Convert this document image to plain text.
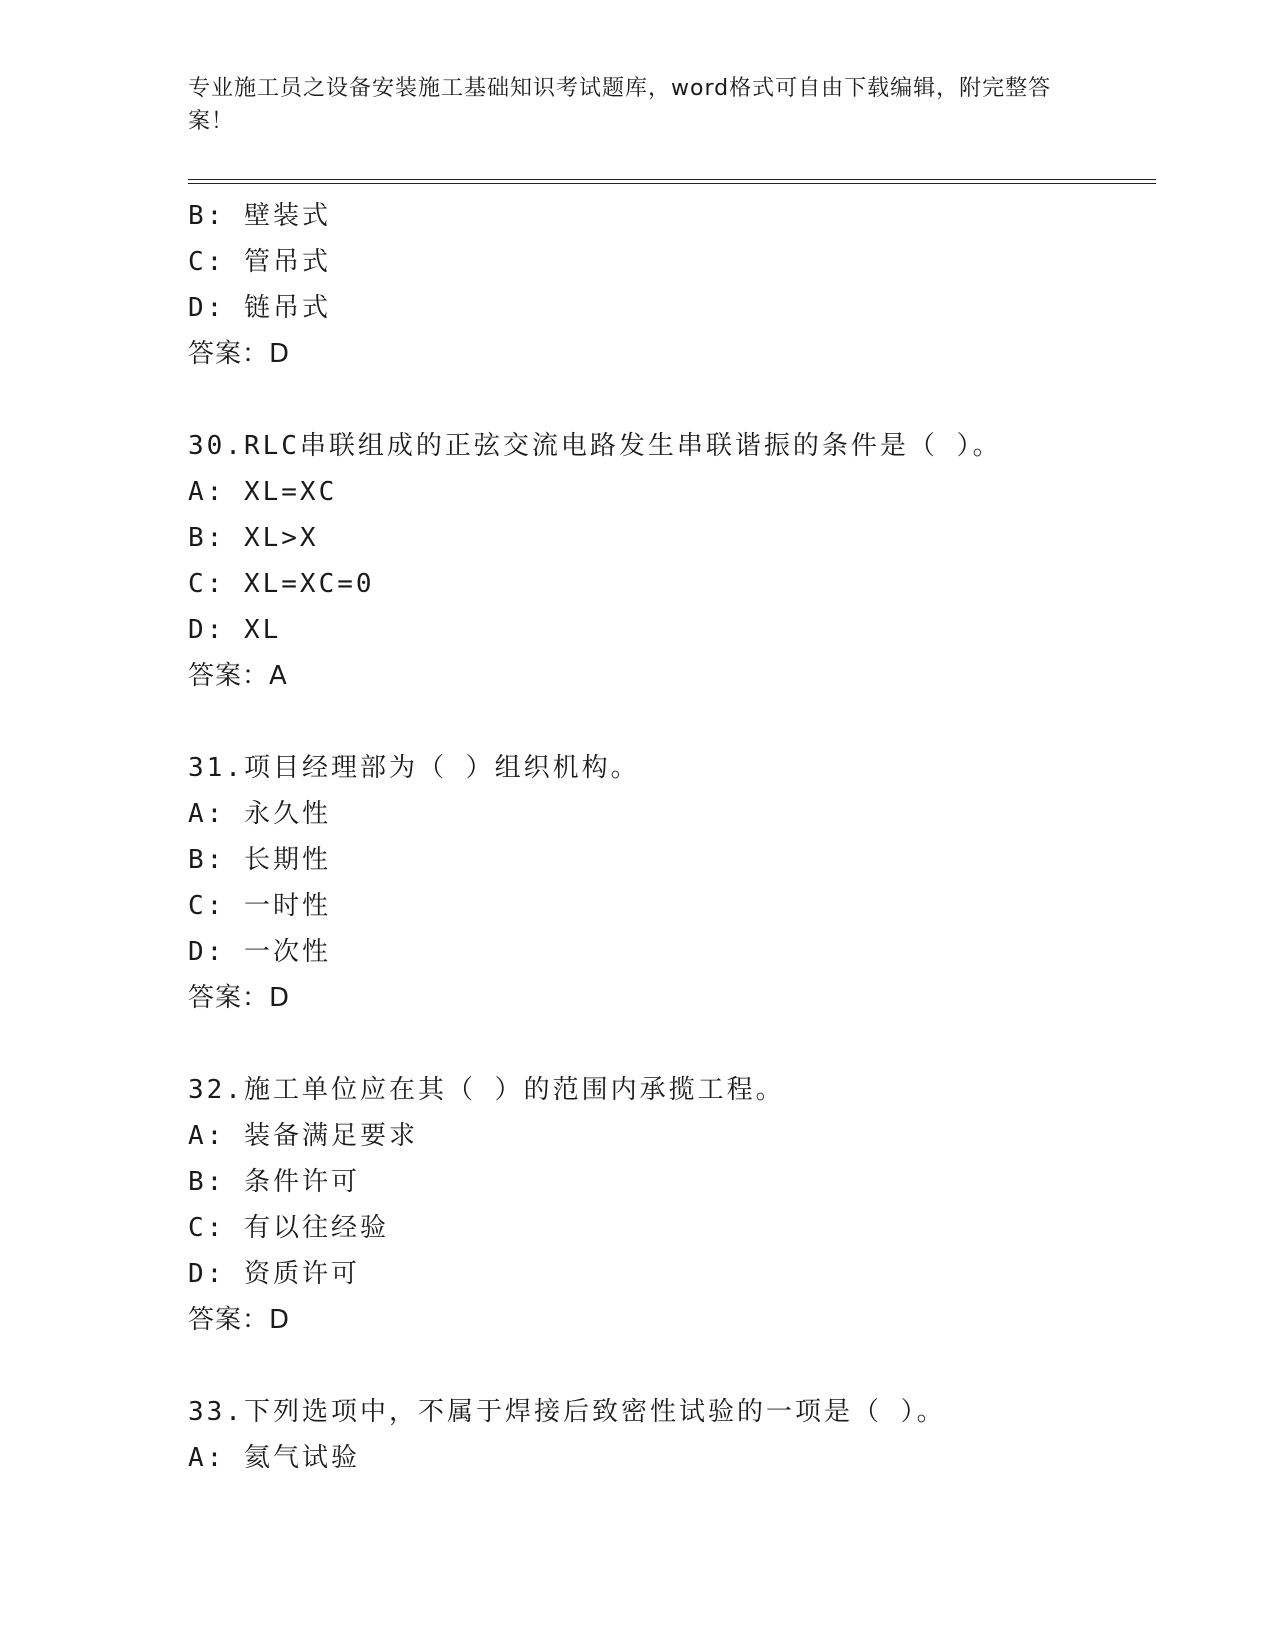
专业施工员之设备安装施工基础知识考试题库，word格式可自由下载编辑，附完整答案！
B: 壁装式
C: 管吊式
D: 链吊式
答案：D
30.RLC串联组成的正弦交流电路发生串联谐振的条件是（ ）。
A: XL=XC
B: XL>X
C: XL=XC=0
D: XL
答案：A
31.项目经理部为（ ）组织机构。
A: 永久性
B: 长期性
C: 一时性
D: 一次性
答案：D
32.施工单位应在其（ ）的范围内承揽工程。
A: 装备满足要求
B: 条件许可
C: 有以往经验
D: 资质许可
答案：D
33.下列选项中，不属于焊接后致密性试验的一项是（ ）。
A: 氦气试验
